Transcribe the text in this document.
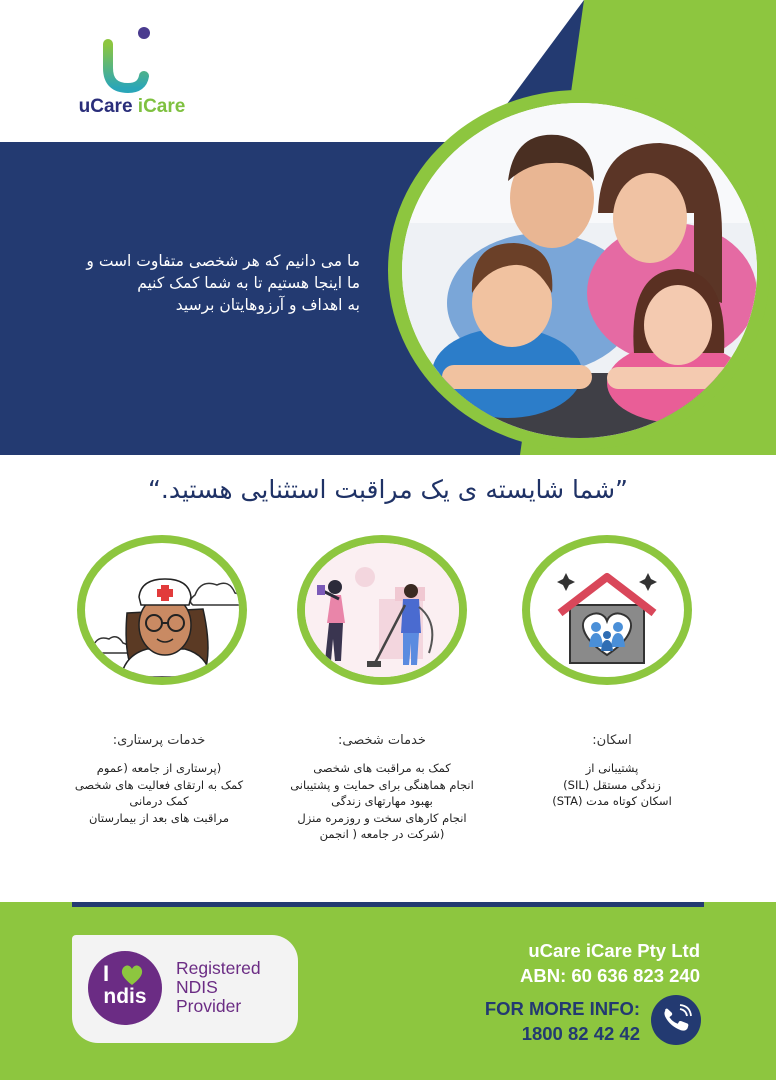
uCare iCare
ما می دانیم که هر شخصی متفاوت است و
ما اینجا هستیم تا به شما کمک کنیم
به اهداف و آرزوهایتان برسید
”شما شایسته ی یک مراقبت استثنایی هستید.“
خدمات پرستاری:
(پرستاری از جامعه (عموم
کمک به ارتقای فعالیت های شخصی
کمک درمانی
مراقبت های بعد از بیمارستان
خدمات شخصی:
کمک به مراقبت های شخصی
انجام هماهنگی برای حمایت و پشتیبانی
بهبود مهارتهای زندگی
انجام کارهای سخت و روزمره منزل
(شرکت در جامعه ( انجمن
اسکان:
پشتیبانی از
زندگی مستقل (SIL)
اسکان کوتاه مدت (STA)
I
ndis
Registered
NDIS
Provider
uCare iCare Pty Ltd
ABN: 60 636 823 240
FOR MORE INFO:
1800 82 42 42
